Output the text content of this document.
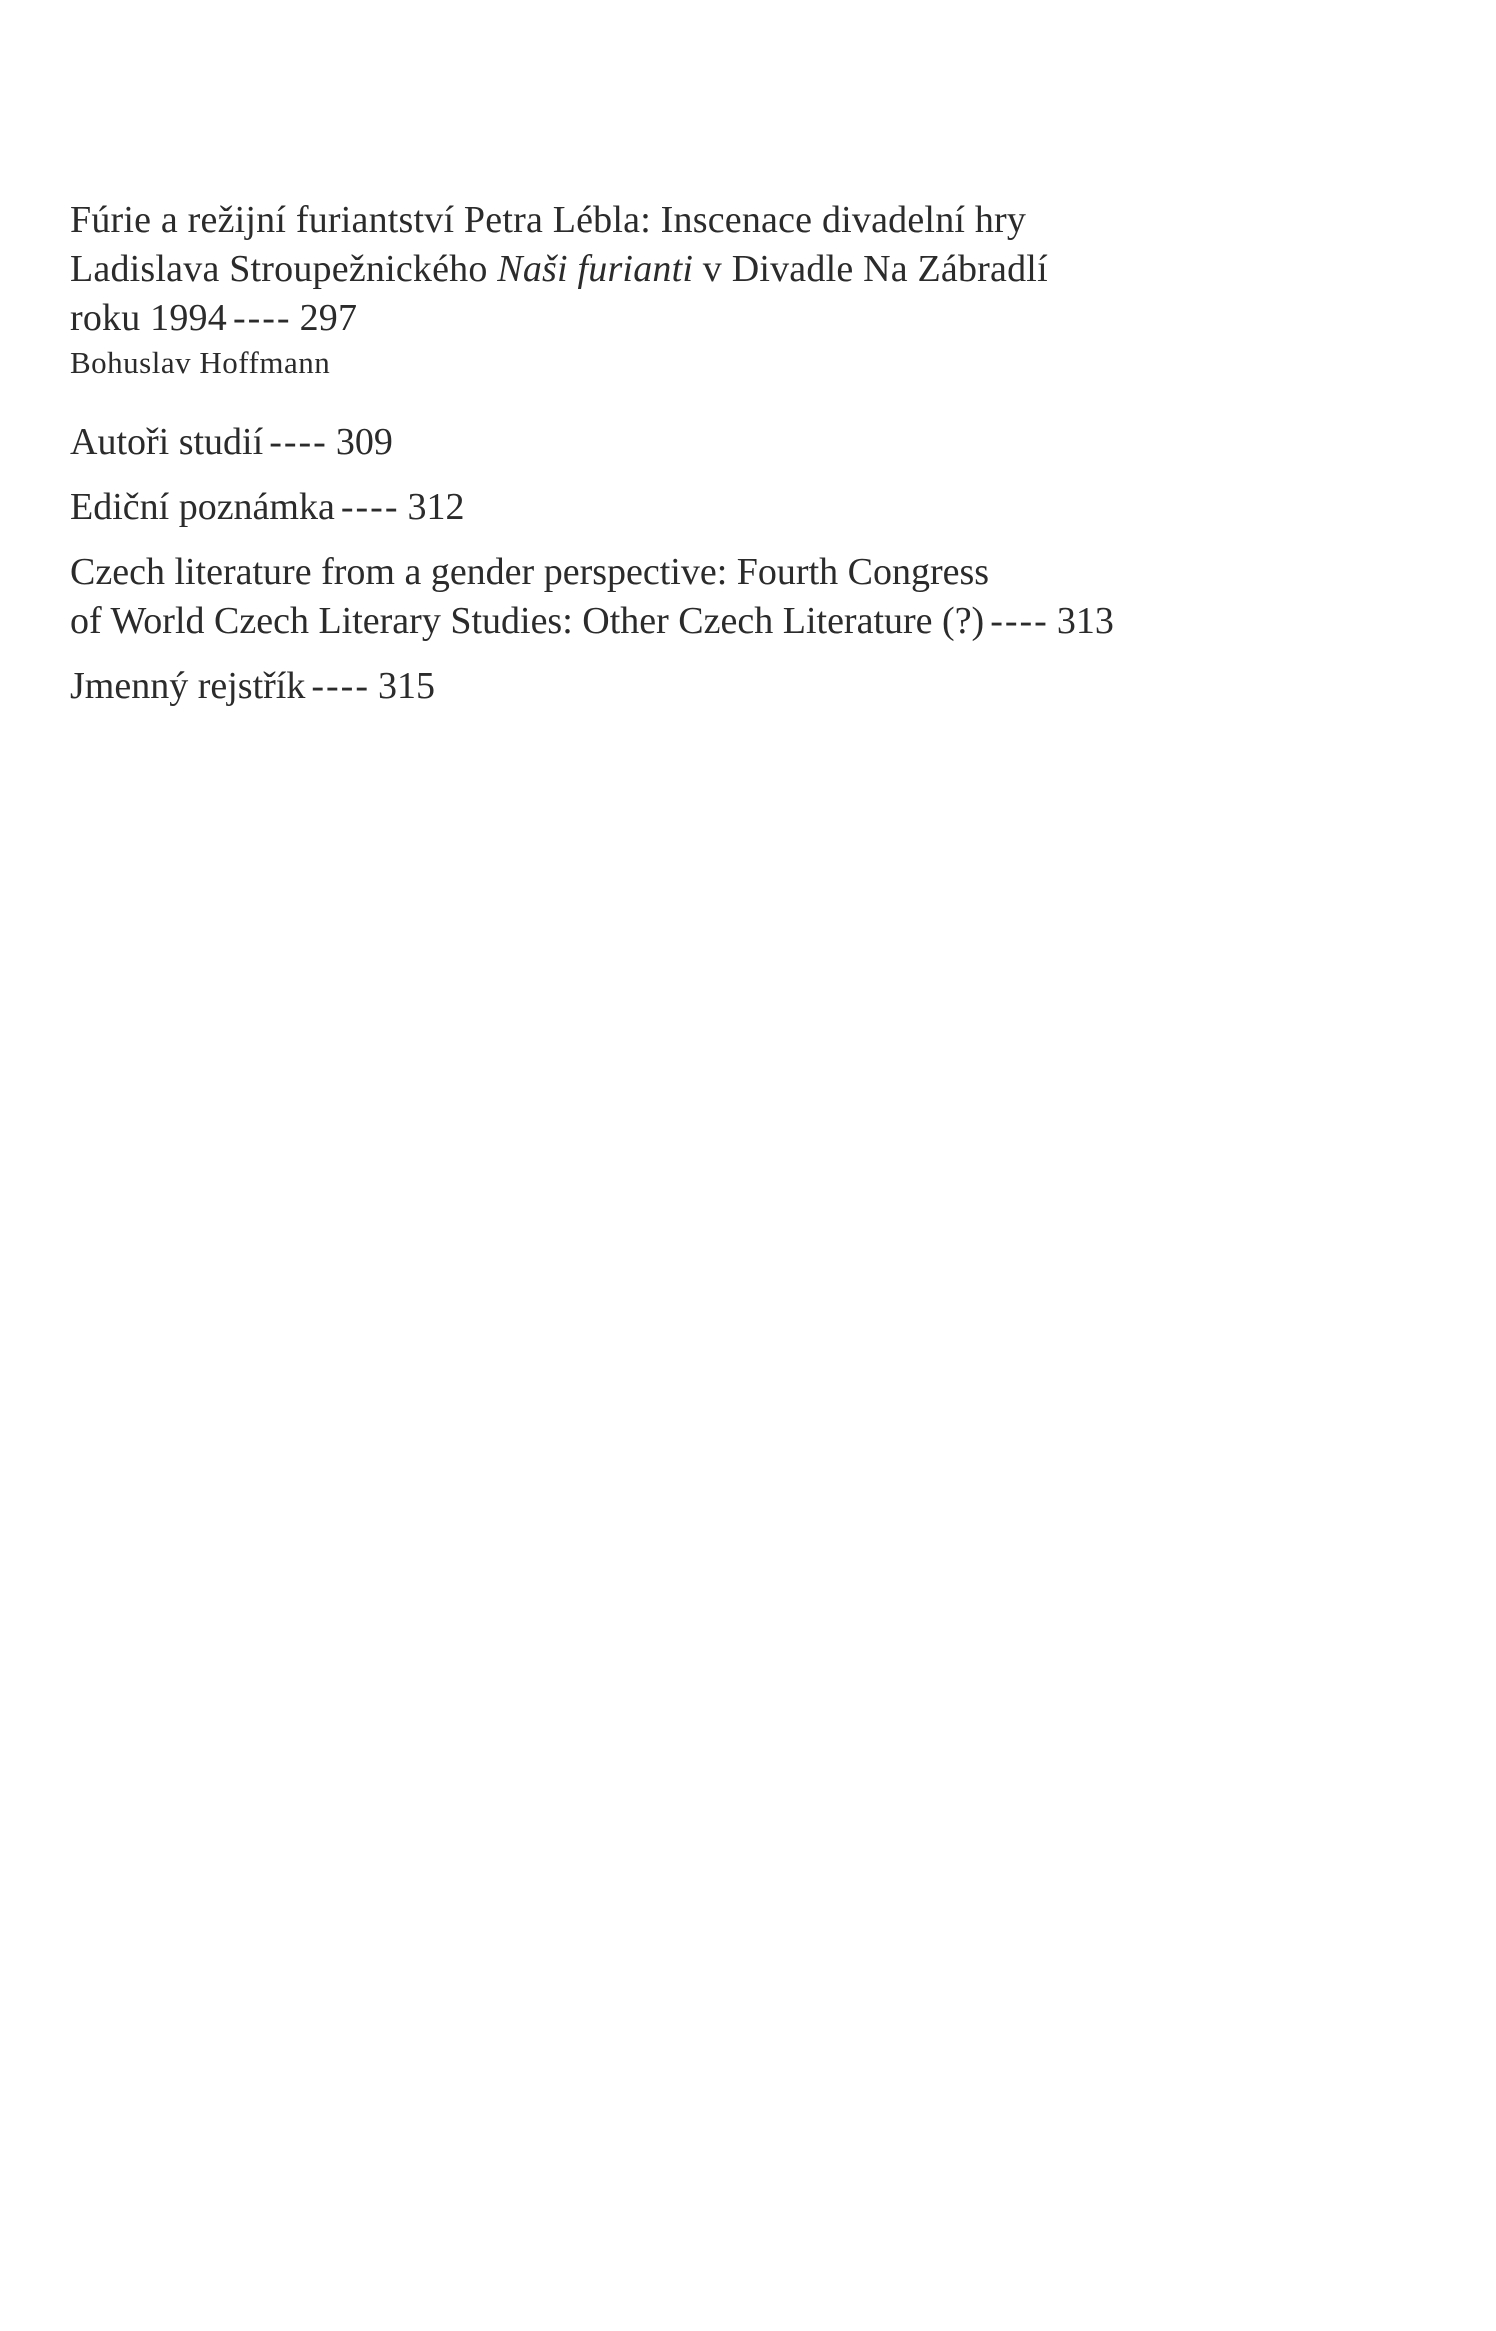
Fúrie a režijní furiantství Petra Lébla: Inscenace divadelní hry
Ladislava Stroupežnického Naši furianti v Divadle Na Zábradlí
roku 1994 ---- 297
Bohuslav Hoffmann
Autoři studií ---- 309
Ediční poznámka ---- 312
Czech literature from a gender perspective: Fourth Congress
of World Czech Literary Studies: Other Czech Literature (?) ---- 313
Jmenný rejstřík ---- 315
